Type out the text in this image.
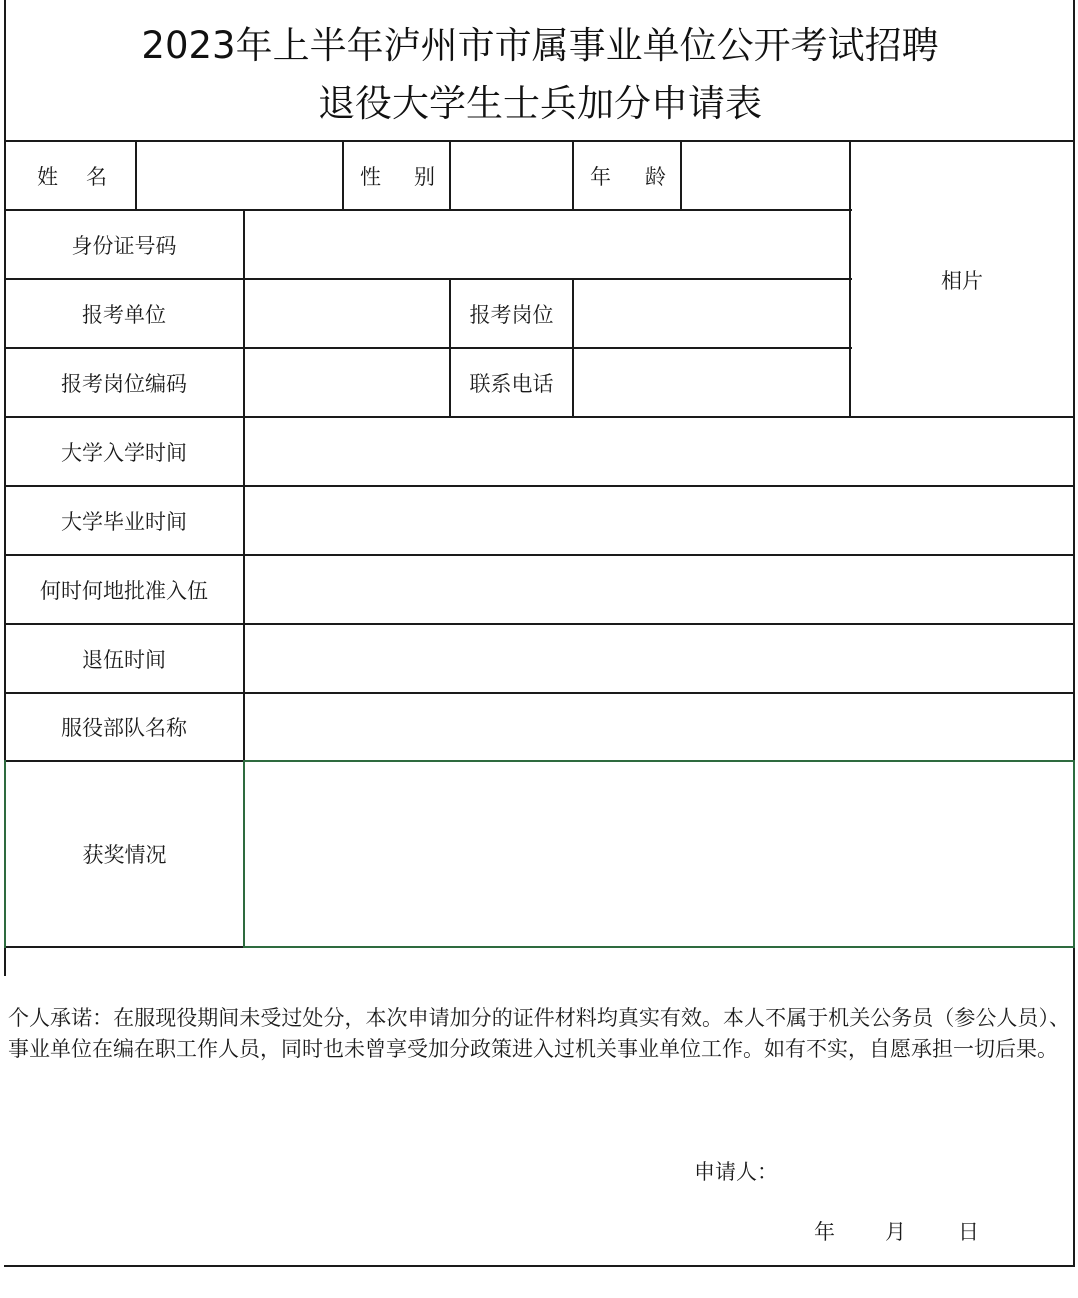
2023年上半年泸州市市属事业单位公开考试招聘
退役大学生士兵加分申请表
姓 名	性 别	年 龄
相片
身份证号码
报考单位	报考岗位
报考岗位编码	联系电话
大学入学时间
大学毕业时间
何时何地批准入伍
退伍时间
服役部队名称
获奖情况
个人承诺：在服现役期间未受过处分，本次申请加分的证件材料均真实有效。本人不属于机关公务员（参公人员）、事业单位在编在职工作人员，同时也未曾享受加分政策进入过机关事业单位工作。如有不实，自愿承担一切后果。
申请人：
年 月 日
